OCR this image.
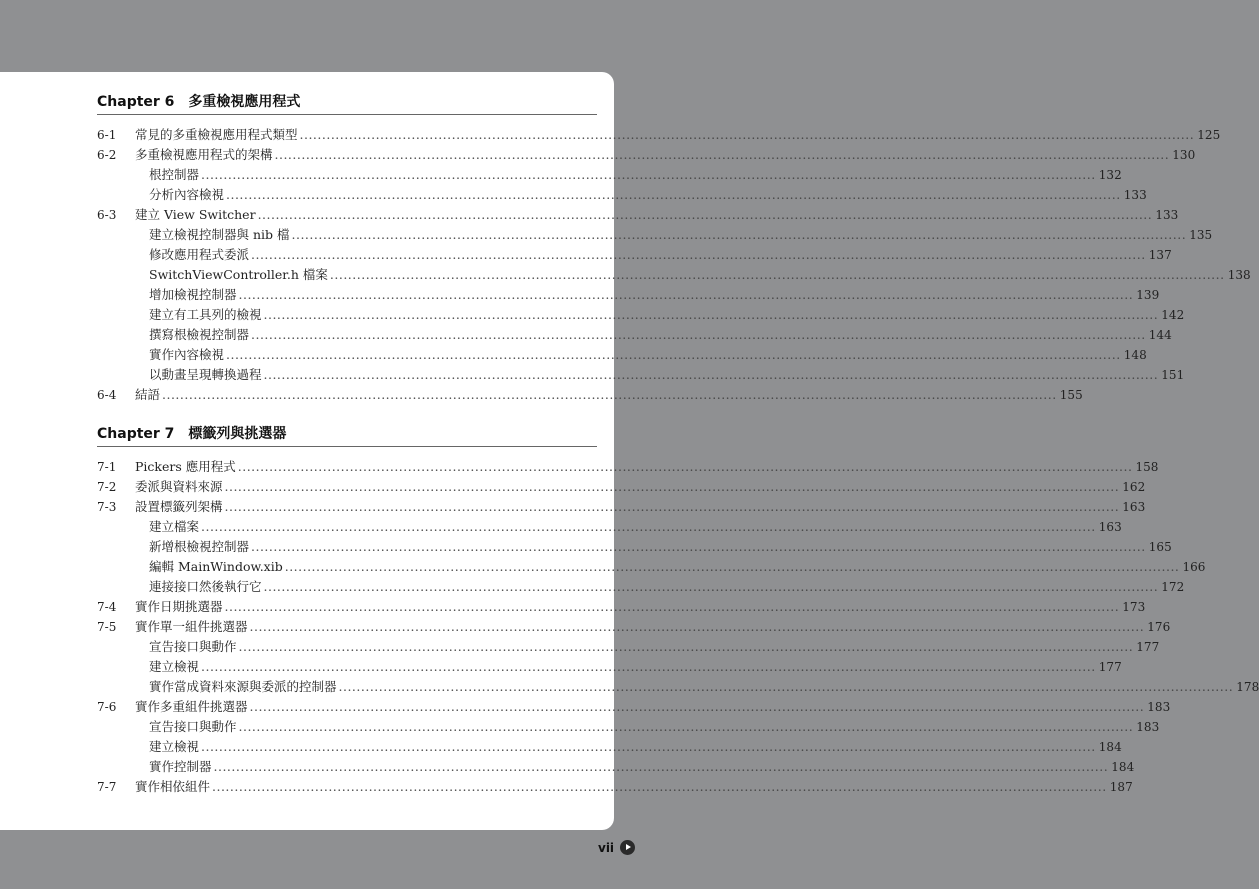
Chapter 6 多重檢視應用程式
6-1	常見的多重檢視應用程式類型 ........................................................................................................................................................................................................ 125
6-2	多重檢視應用程式的架構 ........................................................................................................................................................................................................ 130
根控制器 ........................................................................................................................................................................................................ 132
分析內容檢視 ........................................................................................................................................................................................................ 133
6-3	建立 View Switcher ........................................................................................................................................................................................................ 133
建立檢視控制器與 nib 檔 ........................................................................................................................................................................................................ 135
修改應用程式委派 ........................................................................................................................................................................................................ 137
SwitchViewController.h 檔案 ........................................................................................................................................................................................................ 138
增加檢視控制器 ........................................................................................................................................................................................................ 139
建立有工具列的檢視 ........................................................................................................................................................................................................ 142
撰寫根檢視控制器 ........................................................................................................................................................................................................ 144
實作內容檢視 ........................................................................................................................................................................................................ 148
以動畫呈現轉換過程 ........................................................................................................................................................................................................ 151
6-4	結語 ........................................................................................................................................................................................................ 155
Chapter 7 標籤列與挑選器
7-1	Pickers 應用程式 ........................................................................................................................................................................................................ 158
7-2	委派與資料來源 ........................................................................................................................................................................................................ 162
7-3	設置標籤列架構 ........................................................................................................................................................................................................ 163
建立檔案 ........................................................................................................................................................................................................ 163
新增根檢視控制器 ........................................................................................................................................................................................................ 165
編輯 MainWindow.xib ........................................................................................................................................................................................................ 166
連接接口然後執行它 ........................................................................................................................................................................................................ 172
7-4	實作日期挑選器 ........................................................................................................................................................................................................ 173
7-5	實作單一組件挑選器 ........................................................................................................................................................................................................ 176
宣告接口與動作 ........................................................................................................................................................................................................ 177
建立檢視 ........................................................................................................................................................................................................ 177
實作當成資料來源與委派的控制器 ........................................................................................................................................................................................................ 178
7-6	實作多重組件挑選器 ........................................................................................................................................................................................................ 183
宣告接口與動作 ........................................................................................................................................................................................................ 183
建立檢視 ........................................................................................................................................................................................................ 184
實作控制器 ........................................................................................................................................................................................................ 184
7-7	實作相依組件 ........................................................................................................................................................................................................ 187
vii
